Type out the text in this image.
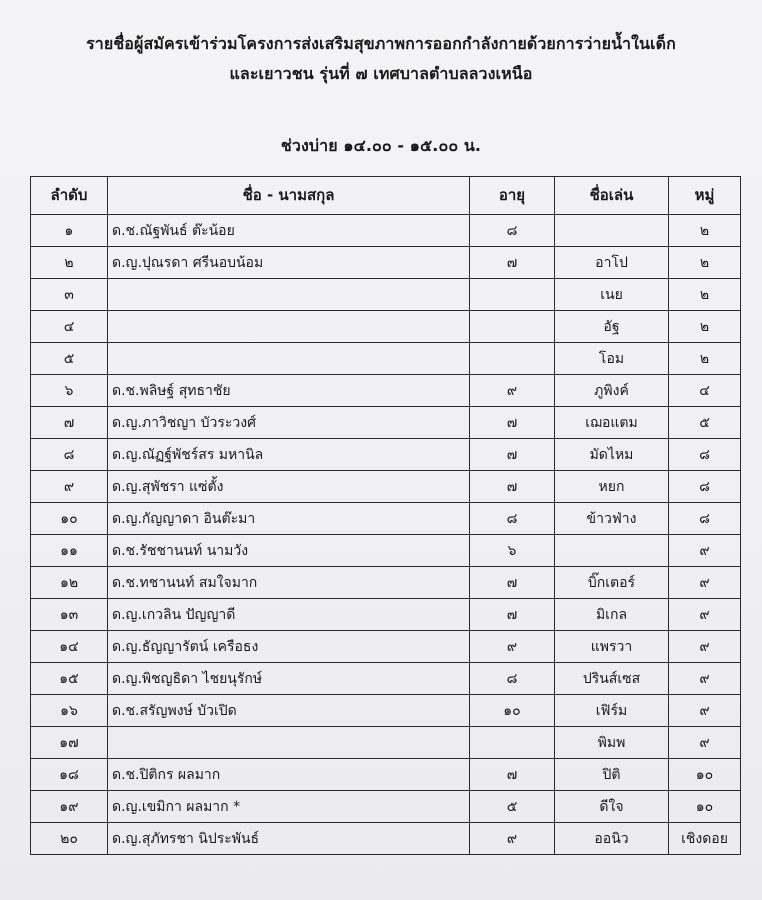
รายชื่อผู้สมัครเข้าร่วมโครงการส่งเสริมสุขภาพการออกกำลังกายด้วยการว่ายน้ำในเด็ก
และเยาวชน รุ่นที่ ๗ เทศบาลตำบลลวงเหนือ
ช่วงบ่าย ๑๔.๐๐ - ๑๕.๐๐ น.
ลำดับ	ชื่อ - นามสกุล	อายุ	ชื่อเล่น	หมู่
๑	ด.ช.ณัฐพันธ์ ต๊ะน้อย	๘		๒
๒	ด.ญ.ปุณรดา ศรีนอบน้อม	๗	อาโป	๒
๓			เนย	๒
๔			อัฐ	๒
๕			โอม	๒
๖	ด.ช.พลิษฐ์ สุทธาชัย	๙	ภูพิงค์	๔
๗	ด.ญ.ภาวิชญา บัวระวงศ์	๗	เฌอแตม	๕
๘	ด.ญ.ณัฏฐ์พัชร์สร มหานิล	๗	มัดไหม	๘
๙	ด.ญ.สุพัชรา แซ่ตั้ง	๗	หยก	๘
๑๐	ด.ญ.กัญญาดา อินต๊ะมา	๘	ข้าวฟ่าง	๘
๑๑	ด.ช.รัชชานนท์ นามวัง	๖		๙
๑๒	ด.ช.ทชานนท์ สมใจมาก	๗	บิ๊กเตอร์	๙
๑๓	ด.ญ.เกวลิน ปัญญาดี	๗	มิเกล	๙
๑๔	ด.ญ.ธัญญารัตน์ เครือธง	๙	แพรวา	๙
๑๕	ด.ญ.พิชญธิดา ไชยนุรักษ์	๘	ปรินส์เซส	๙
๑๖	ด.ช.สรัญพงษ์ บัวเปิด	๑๐	เฟิร์ม	๙
๑๗			พิมพ	๙
๑๘	ด.ช.ปิติกร ผลมาก	๗	ปิติ	๑๐
๑๙	ด.ญ.เขมิกา ผลมาก *	๕	ดีใจ	๑๐
๒๐	ด.ญ.สุภัทรชา นิประพันธ์	๙	ออนิว	เชิงดอย
